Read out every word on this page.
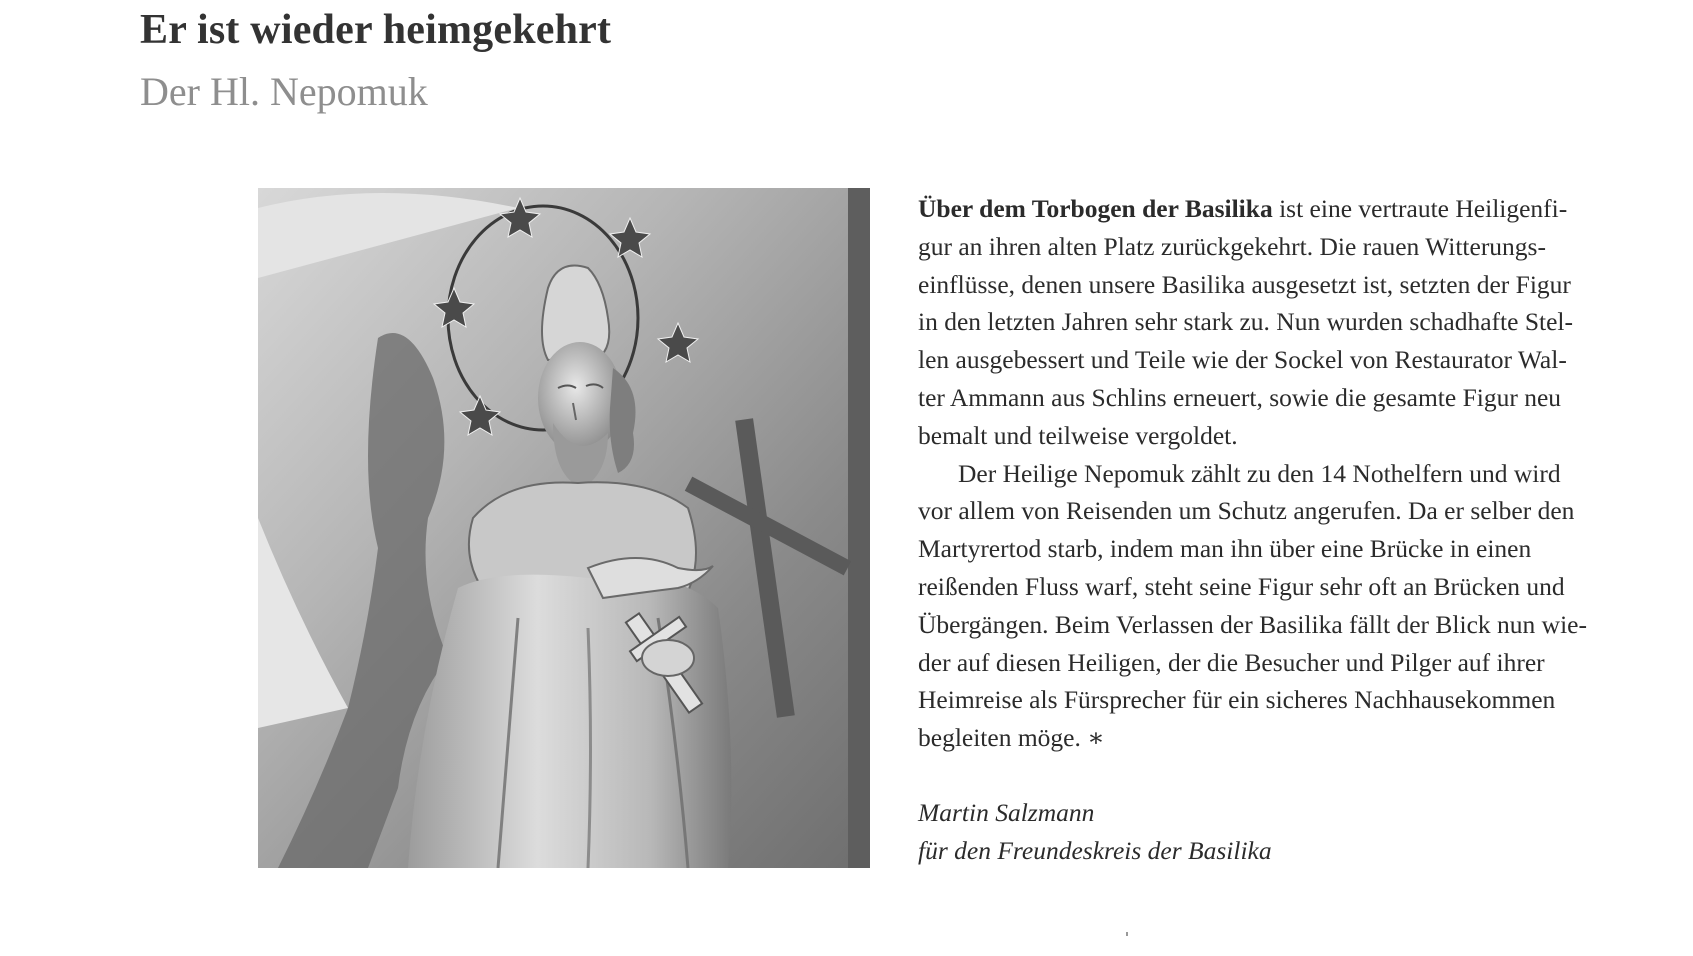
Er ist wieder heimgekehrt
Der Hl. Nepomuk
Über dem Torbogen der Basilika ist eine vertraute Heiligenfi-
gur an ihren alten Platz zurückgekehrt. Die rauen Witterungs-
einflüsse, denen unsere Basilika ausgesetzt ist, setzten der Figur
in den letzten Jahren sehr stark zu. Nun wurden schadhafte Stel-
len ausgebessert und Teile wie der Sockel von Restaurator Wal-
ter Ammann aus Schlins erneuert, sowie die gesamte Figur neu
bemalt und teilweise vergoldet.
Der Heilige Nepomuk zählt zu den 14 Nothelfern und wird
vor allem von Reisenden um Schutz angerufen. Da er selber den
Martyrertod starb, indem man ihn über eine Brücke in einen
reißenden Fluss warf, steht seine Figur sehr oft an Brücken und
Übergängen. Beim Verlassen der Basilika fällt der Blick nun wie-
der auf diesen Heiligen, der die Besucher und Pilger auf ihrer
Heimreise als Fürsprecher für ein sicheres Nachhausekommen
begleiten möge. ∗
Martin Salzmann
für den Freundeskreis der Basilika
